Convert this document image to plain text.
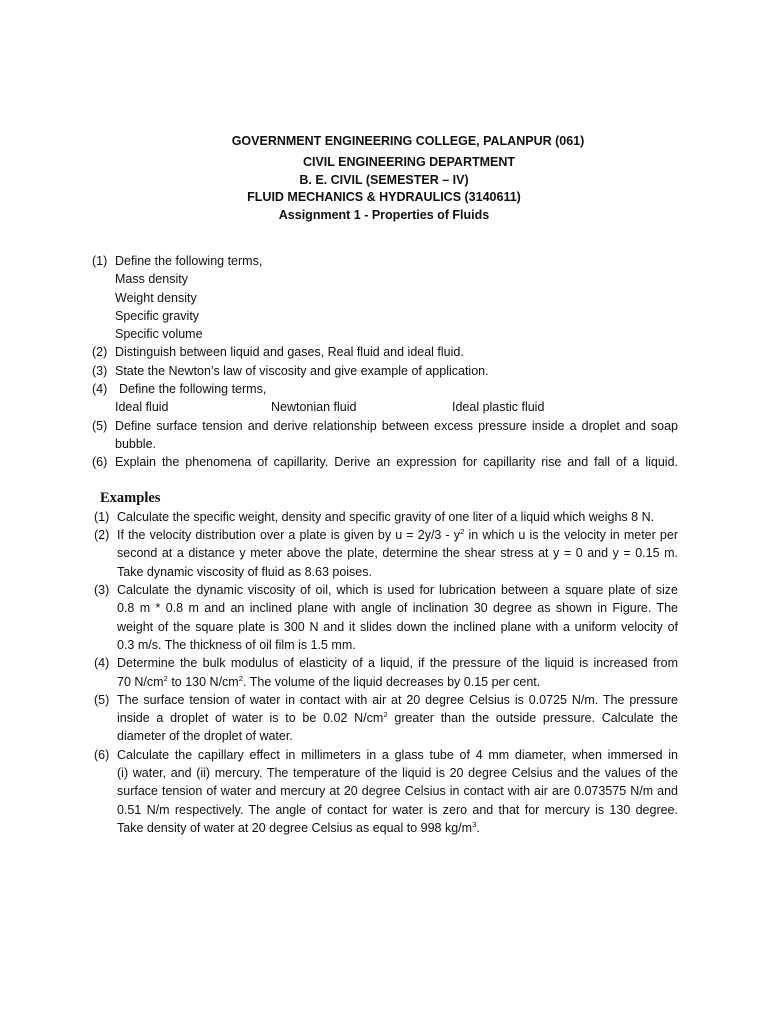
GOVERNMENT ENGINEERING COLLEGE, PALANPUR (061)
CIVIL ENGINEERING DEPARTMENT
B. E. CIVIL (SEMESTER – IV)
FLUID MECHANICS & HYDRAULICS (3140611)
Assignment 1 - Properties of Fluids
(1) Define the following terms,
Mass density
Weight density
Specific gravity
Specific volume
(2) Distinguish between liquid and gases, Real fluid and ideal fluid.
(3) State the Newton’s law of viscosity and give example of application.
(4) Define the following terms,
Ideal fluid	Newtonian fluid	Ideal plastic fluid
(5) Define surface tension and derive relationship between excess pressure inside a droplet and soap
bubble.
(6) Explain the phenomena of capillarity. Derive an expression for capillarity rise and fall of a liquid.
Examples
(1) Calculate the specific weight, density and specific gravity of one liter of a liquid which weighs 8 N.
(2) If the velocity distribution over a plate is given by $u = 2y/3 - y^2$ in which u is the velocity in meter per
second at a distance y meter above the plate, determine the shear stress at y = 0 and y = 0.15 m.
Take dynamic viscosity of fluid as 8.63 poises.
(3) Calculate the dynamic viscosity of oil, which is used for lubrication between a square plate of size
0.8 m * 0.8 m and an inclined plane with angle of inclination 30 degree as shown in Figure. The
weight of the square plate is 300 N and it slides down the inclined plane with a uniform velocity of
0.3 m/s. The thickness of oil film is 1.5 mm.
(4) Determine the bulk modulus of elasticity of a liquid, if the pressure of the liquid is increased from
70 $N/cm^2$ to 130 $N/cm^2$. The volume of the liquid decreases by 0.15 per cent.
(5) The surface tension of water in contact with air at 20 degree Celsius is 0.0725 N/m. The pressure
inside a droplet of water is to be 0.02 $N/cm^2$ greater than the outside pressure. Calculate the
diameter of the droplet of water.
(6) Calculate the capillary effect in millimeters in a glass tube of 4 mm diameter, when immersed in
(i) water, and (ii) mercury. The temperature of the liquid is 20 degree Celsius and the values of the
surface tension of water and mercury at 20 degree Celsius in contact with air are 0.073575 N/m and
0.51 N/m respectively. The angle of contact for water is zero and that for mercury is 130 degree.
Take density of water at 20 degree Celsius as equal to 998 $kg/m^3$.
